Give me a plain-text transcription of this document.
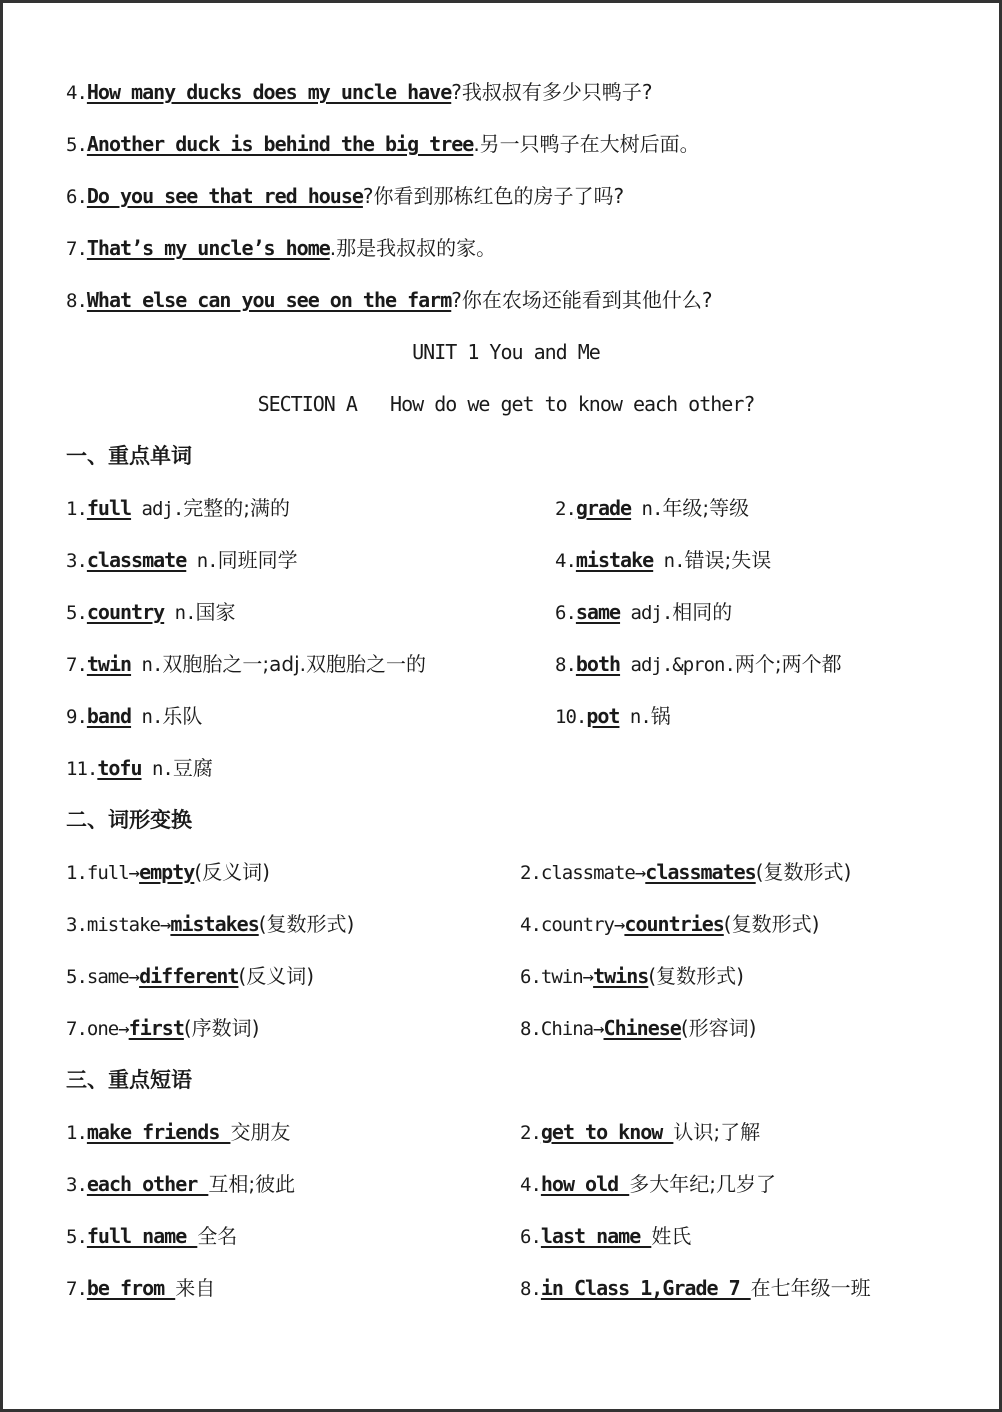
4.How many ducks does my uncle have?我叔叔有多少只鸭子?
5.Another duck is behind the big tree.另一只鸭子在大树后面。
6.Do you see that red house?你看到那栋红色的房子了吗?
7.That’s my uncle’s home.那是我叔叔的家。
8.What else can you see on the farm?你在农场还能看到其他什么?
UNIT 1 You and Me
SECTION A   How do we get to know each other?
一、重点单词
1.full adj.完整的;满的	2.grade n.年级;等级
3.classmate n.同班同学	4.mistake n.错误;失误
5.country n.国家	6.same adj.相同的
7.twin n.双胞胎之一;adj.双胞胎之一的	8.both adj.&pron.两个;两个都
9.band n.乐队	10.pot n.锅
11.tofu n.豆腐
二、词形变换
1.full→empty(反义词)	2.classmate→classmates(复数形式)
3.mistake→mistakes(复数形式)	4.country→countries(复数形式)
5.same→different(反义词)	6.twin→twins(复数形式)
7.one→first(序数词)	8.China→Chinese(形容词)
三、重点短语
1.make friends 交朋友	2.get to know 认识;了解
3.each other 互相;彼此	4.how old 多大年纪;几岁了
5.full name 全名	6.last name 姓氏
7.be from 来自	8.in Class 1,Grade 7 在七年级一班
